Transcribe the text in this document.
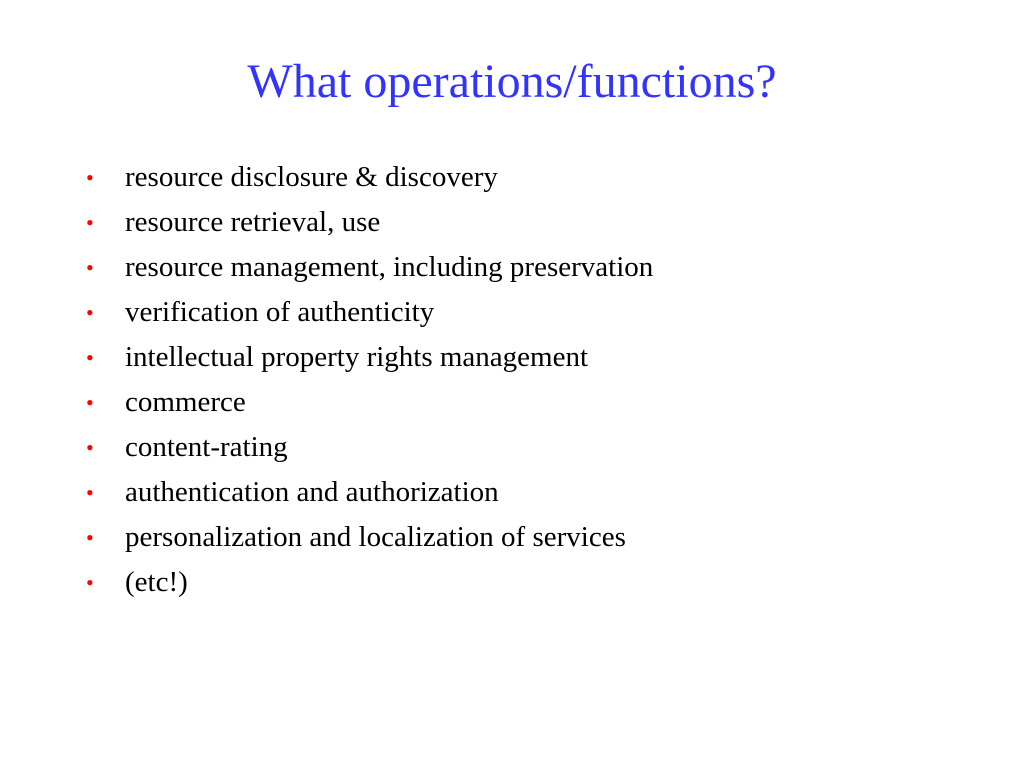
What operations/functions?
•	resource disclosure & discovery
•	resource retrieval, use
•	resource management, including preservation
•	verification of authenticity
•	intellectual property rights management
•	commerce
•	content-rating
•	authentication and authorization
•	personalization and localization of services
•	(etc!)
